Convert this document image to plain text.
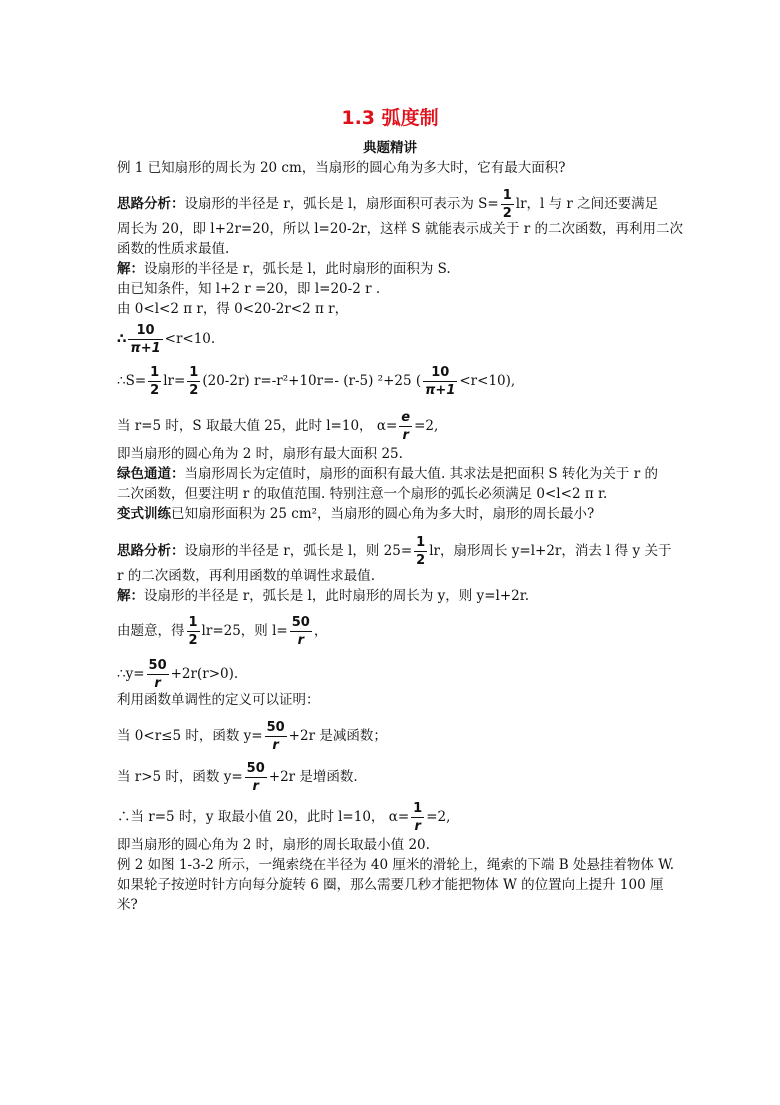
1.3 弧度制
典题精讲
例 1 已知扇形的周长为 20 cm，当扇形的圆心角为多大时，它有最大面积?
思路分析：设扇形的半径是 r，弧长是 l，扇形面积可表示为 $S= \frac{1}{2}$ lr，l 与 r 之间还要满足
周长为 20，即 l+2r=20，所以 l=20-2r，这样 S 就能表示成关于 r 的二次函数，再利用二次
函数的性质求最值.
解：设扇形的半径是 r，弧长是 l，此时扇形的面积为 S.
由已知条件，知 l+2 r =20，即 l=20-2 r .
由 0<l<2 π r，得 0<20-2r<2 π r，
∴ $\frac{10}{\pi+1} <r<10$.
∴S= $\frac{1}{2} lr= \frac{1}{2} (20-2r)$ r=-r²+10r=- (r-5) ²+25 ( $\frac{10}{\pi+1} <r<10$),
当 r=5 时，S 取最大值 25，此时 l=10， $\alpha= \frac{e}{r} =2$,
即当扇形的圆心角为 2 时，扇形有最大面积 25.
绿色通道：当扇形周长为定值时，扇形的面积有最大值. 其求法是把面积 S 转化为关于 r 的
二次函数，但要注明 r 的取值范围. 特别注意一个扇形的弧长必须满足 0<l<2 π r.
变式训练已知扇形面积为 25 cm²，当扇形的圆心角为多大时，扇形的周长最小?
思路分析：设扇形的半径是 r，弧长是 l，则 $25= \frac{1}{2}$ lr，扇形周长 y=l+2r，消去 l 得 y 关于
r 的二次函数，再利用函数的单调性求最值.
解：设扇形的半径是 r，弧长是 l，此时扇形的周长为 y，则 y=l+2r.
由题意，得 $\frac{1}{2} lr=25$，则 $l= \frac{50}{r}$ ，
∴y= $\frac{50}{r} +2r(r>0)$.
利用函数单调性的定义可以证明：
当 0<r≤5 时，函数 $y= \frac{50}{r} +2r$ 是减函数；
当 r>5 时，函数 $y= \frac{50}{r} +2r$ 是增函数.
∴当 r=5 时，y 取最小值 20，此时 l=10， $\alpha= \frac{1}{r} =2$,
即当扇形的圆心角为 2 时，扇形的周长取最小值 20.
例 2 如图 1-3-2 所示，一绳索绕在半径为 40 厘米的滑轮上，绳索的下端 B 处悬挂着物体 W.
如果轮子按逆时针方向每分旋转 6 圈，那么需要几秒才能把物体 W 的位置向上提升 100 厘
米?
